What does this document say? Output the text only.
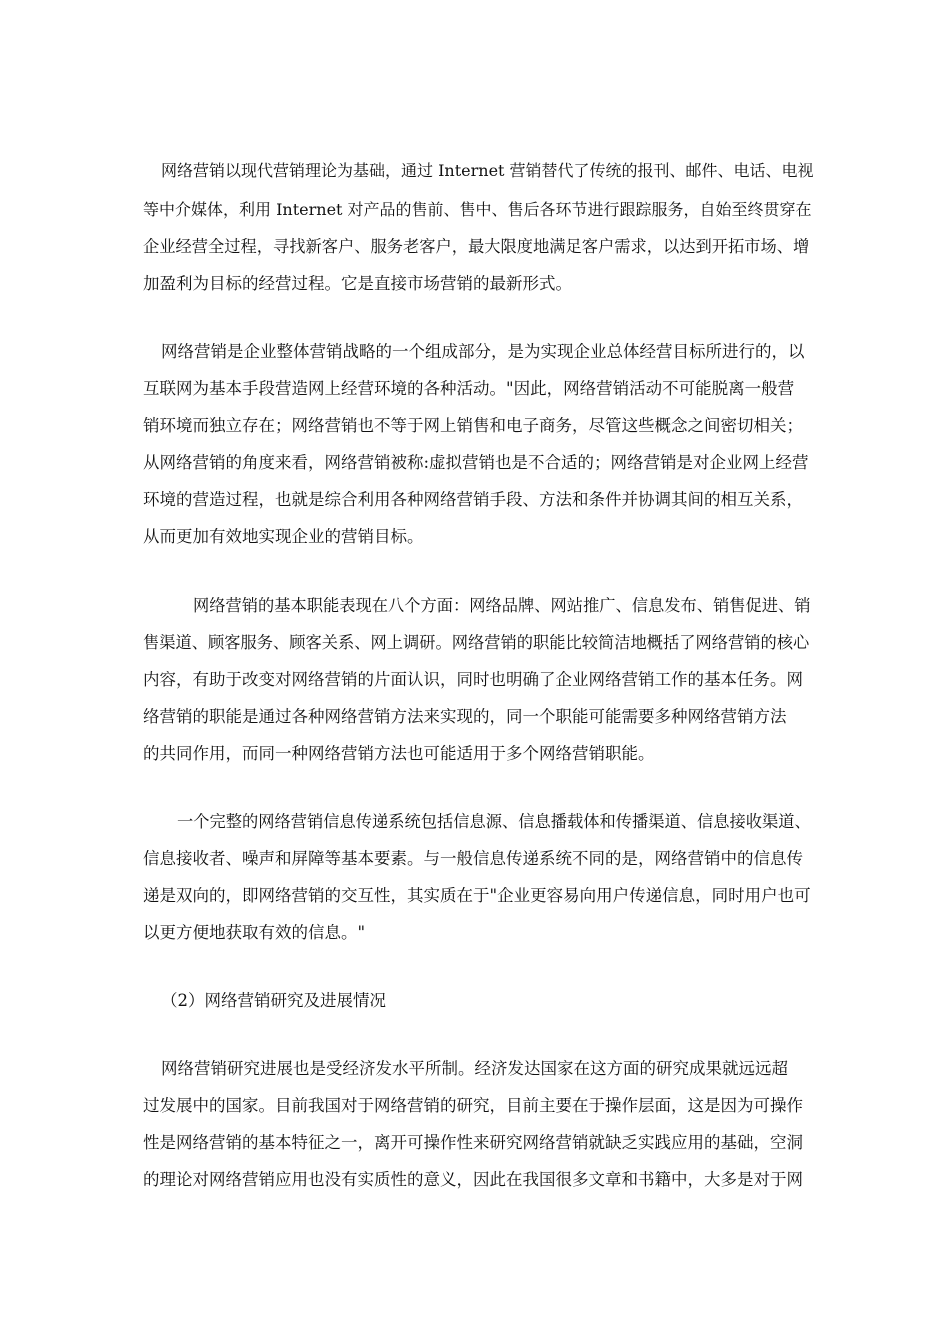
网络营销以现代营销理论为基础，通过 Internet 营销替代了传统的报刊、邮件、电话、电视
等中介媒体，利用 Internet 对产品的售前、售中、售后各环节进行跟踪服务，自始至终贯穿在
企业经营全过程，寻找新客户、服务老客户，最大限度地满足客户需求，以达到开拓市场、增
加盈利为目标的经营过程。它是直接市场营销的最新形式。
网络营销是企业整体营销战略的一个组成部分，是为实现企业总体经营目标所进行的，以
互联网为基本手段营造网上经营环境的各种活动。"因此，网络营销活动不可能脱离一般营
销环境而独立存在；网络营销也不等于网上销售和电子商务，尽管这些概念之间密切相关；
从网络营销的角度来看，网络营销被称:虚拟营销也是不合适的；网络营销是对企业网上经营
环境的营造过程，也就是综合利用各种网络营销手段、方法和条件并协调其间的相互关系，
从而更加有效地实现企业的营销目标。
网络营销的基本职能表现在八个方面：网络品牌、网站推广、信息发布、销售促进、销
售渠道、顾客服务、顾客关系、网上调研。网络营销的职能比较简洁地概括了网络营销的核心
内容，有助于改变对网络营销的片面认识，同时也明确了企业网络营销工作的基本任务。网
络营销的职能是通过各种网络营销方法来实现的，同一个职能可能需要多种网络营销方法
的共同作用，而同一种网络营销方法也可能适用于多个网络营销职能。
一个完整的网络营销信息传递系统包括信息源、信息播载体和传播渠道、信息接收渠道、
信息接收者、噪声和屏障等基本要素。与一般信息传递系统不同的是，网络营销中的信息传
递是双向的，即网络营销的交互性，其实质在于"企业更容易向用户传递信息，同时用户也可
以更方便地获取有效的信息。"
（2）网络营销研究及进展情况
网络营销研究进展也是受经济发水平所制。经济发达国家在这方面的研究成果就远远超
过发展中的国家。目前我国对于网络营销的研究，目前主要在于操作层面，这是因为可操作
性是网络营销的基本特征之一，离开可操作性来研究网络营销就缺乏实践应用的基础，空洞
的理论对网络营销应用也没有实质性的意义，因此在我国很多文章和书籍中，大多是对于网
